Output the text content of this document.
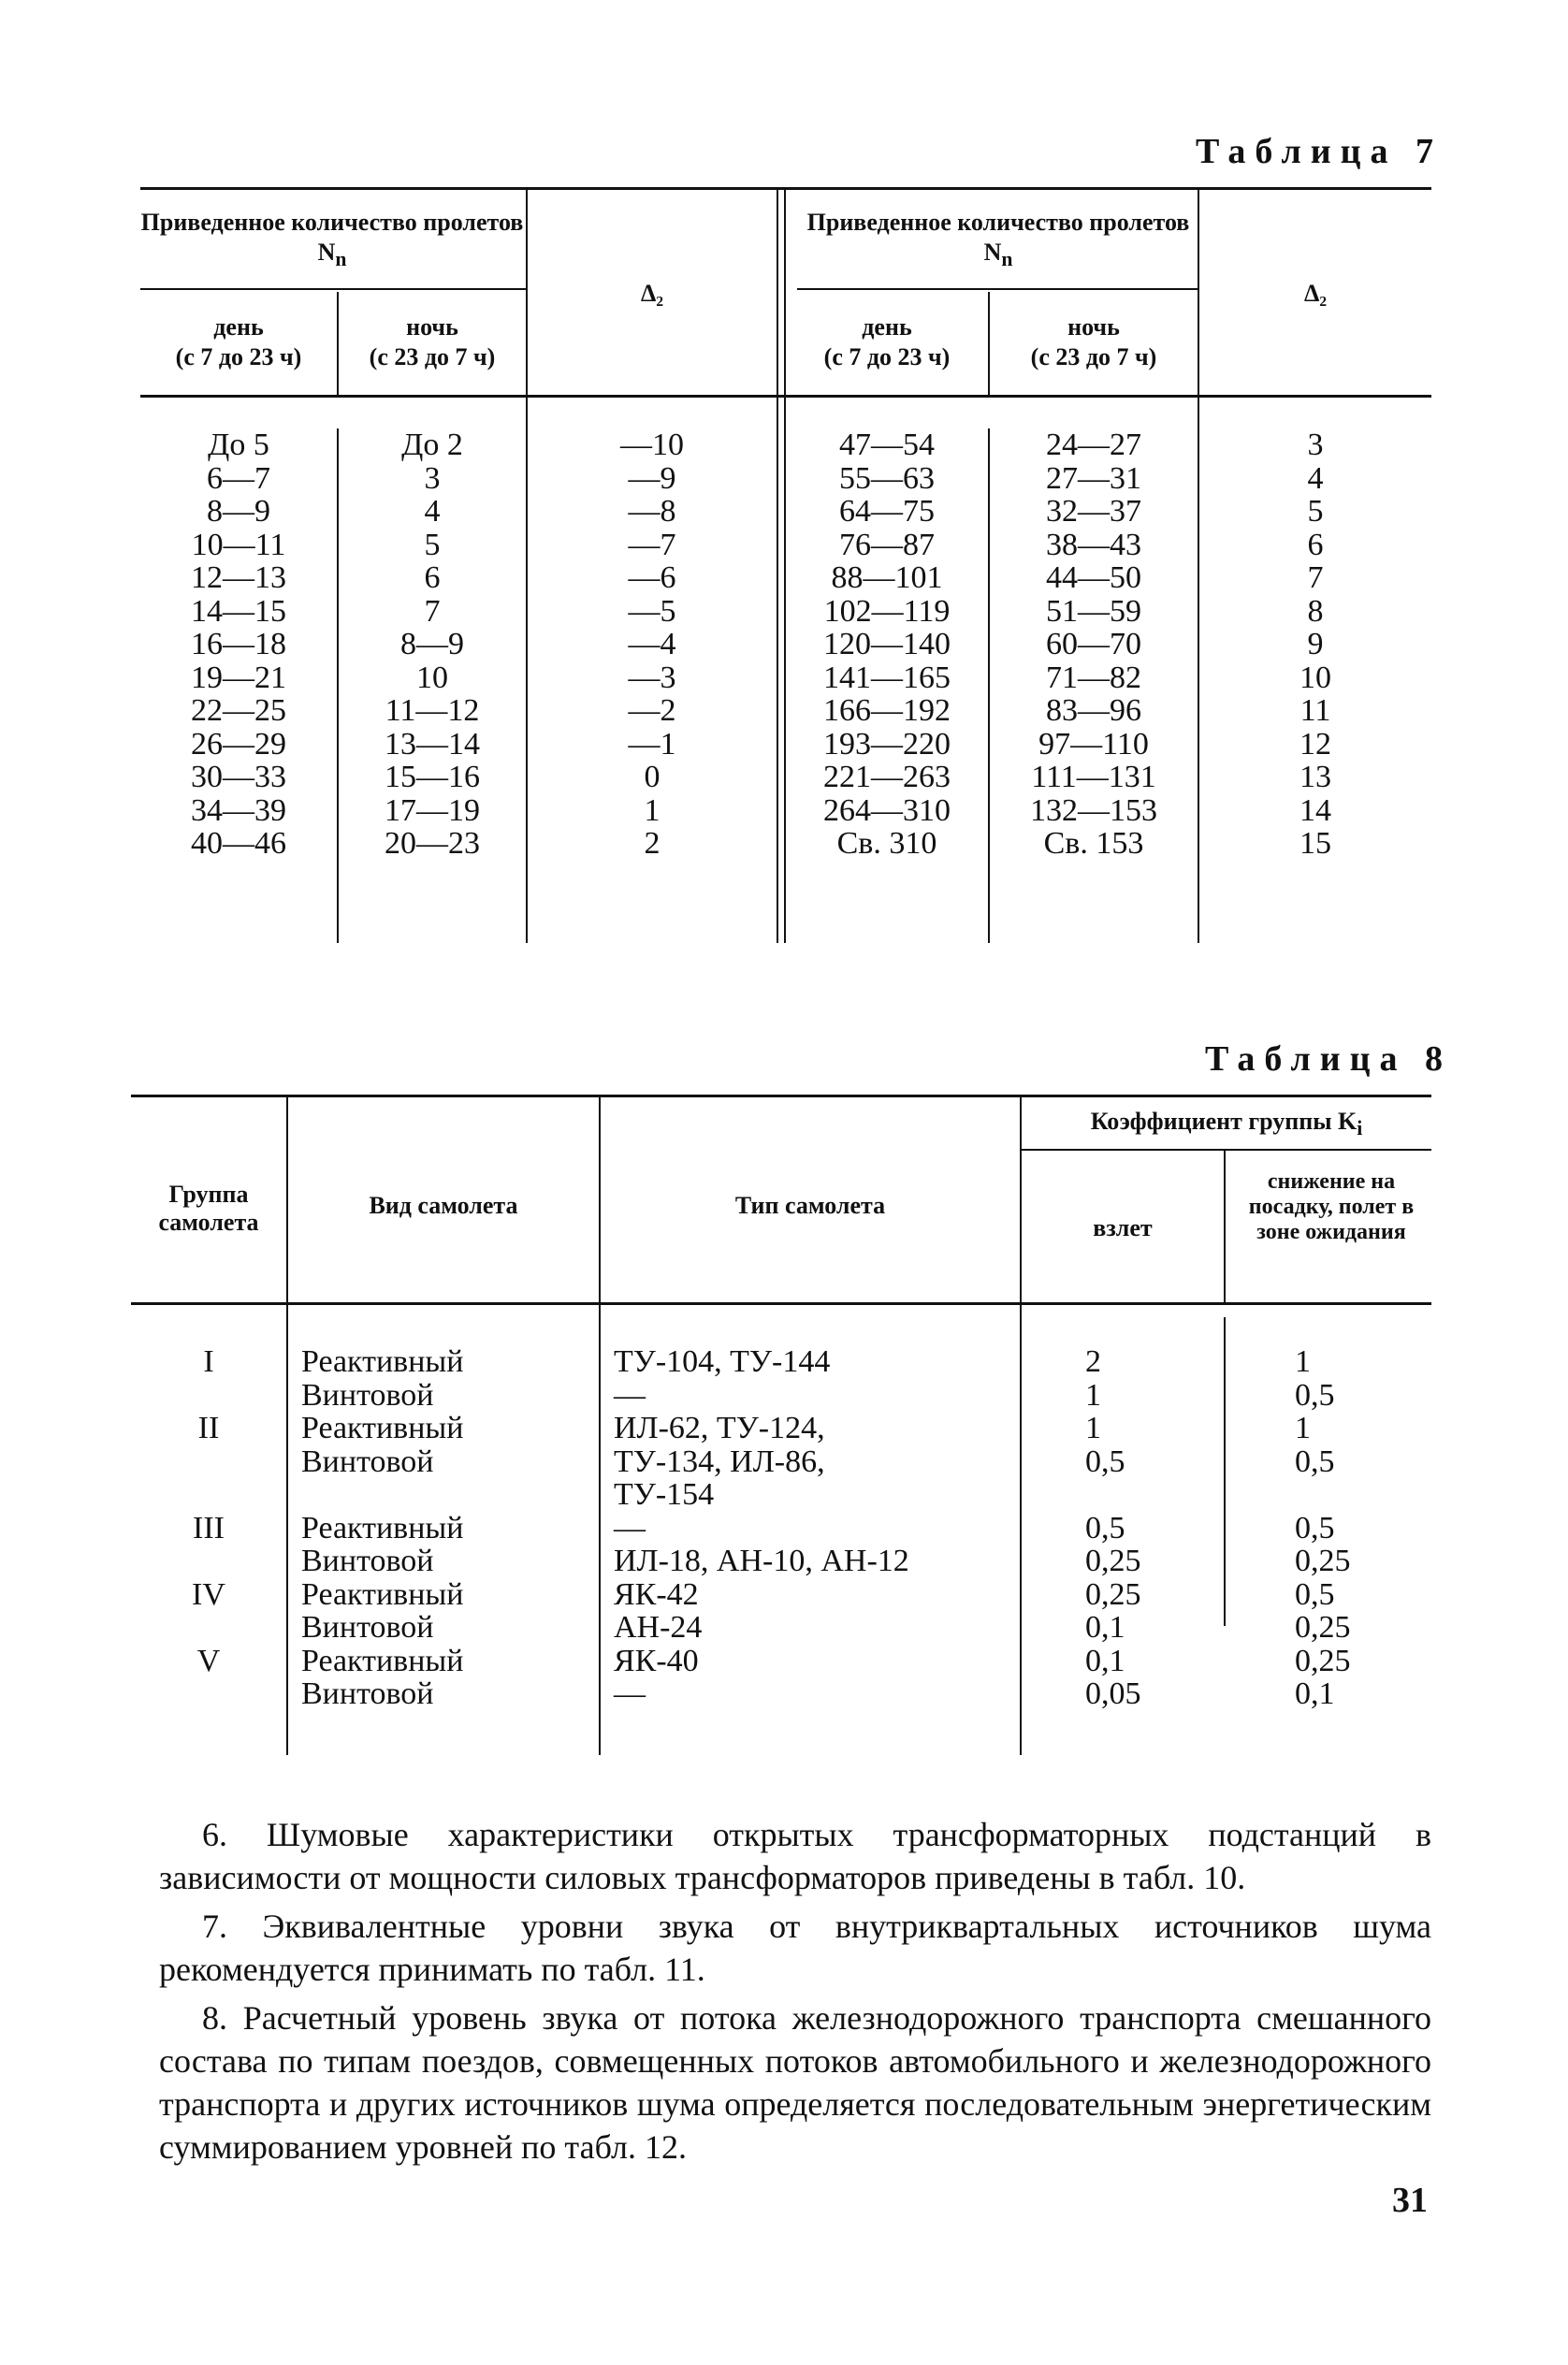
Таблица 7
Приведенное количество пролетов $N_n$
Приведенное количество пролетов $N_n$
Δ₂	Δ₂
день
(с 7 до 23 ч)
ночь
(с 23 до 7 ч)
день
(с 7 до 23 ч)
ночь
(с 23 до 7 ч)
До 5
6—7
8—9
10—11
12—13
14—15
16—18
19—21
22—25
26—29
30—33
34—39
40—46
До 2
3
4
5
6
7
8—9
10
11—12
13—14
15—16
17—19
20—23
—10
—9
—8
—7
—6
—5
—4
—3
—2
—1
0
1
2
47—54
55—63
64—75
76—87
88—101
102—119
120—140
141—165
166—192
193—220
221—263
264—310
Св. 310
24—27
27—31
32—37
38—43
44—50
51—59
60—70
71—82
83—96
97—110
111—131
132—153
Св. 153
3
4
5
6
7
8
9
10
11
12
13
14
15
Таблица 8
Группа самолета
Вид самолета	Тип самолета
Коэффициент группы $K_i$
взлет
снижение на посадку, полет в зоне ожидания
I
II
III
IV
V
Реактивный
Винтовой
Реактивный
Винтовой
Реактивный
Винтовой
Реактивный
Винтовой
Реактивный
Винтовой
ТУ-104, ТУ-144
—
ИЛ-62, ТУ-124,
ТУ-134, ИЛ-86,
ТУ-154
—
ИЛ-18, АН-10, АН-12
ЯК-42
АН-24
ЯК-40
—
2
1
1
0,5
0,5
0,25
0,25
0,1
0,1
0,05
1
0,5
1
0,5
0,5
0,25
0,5
0,25
0,25
0,1

6. Шумовые характеристики открытых трансформаторных подстанций в зависимости от мощности силовых трансформаторов приведены в табл. 10.

7. Эквивалентные уровни звука от внутриквартальных источников шума рекомендуется принимать по табл. 11.

8. Расчетный уровень звука от потока железнодорожного транспорта смешанного состава по типам поездов, совмещенных потоков автомобильного и железнодорожного транспорта и других источников шума определяется последовательным энергетическим суммированием уровней по табл. 12.

31
